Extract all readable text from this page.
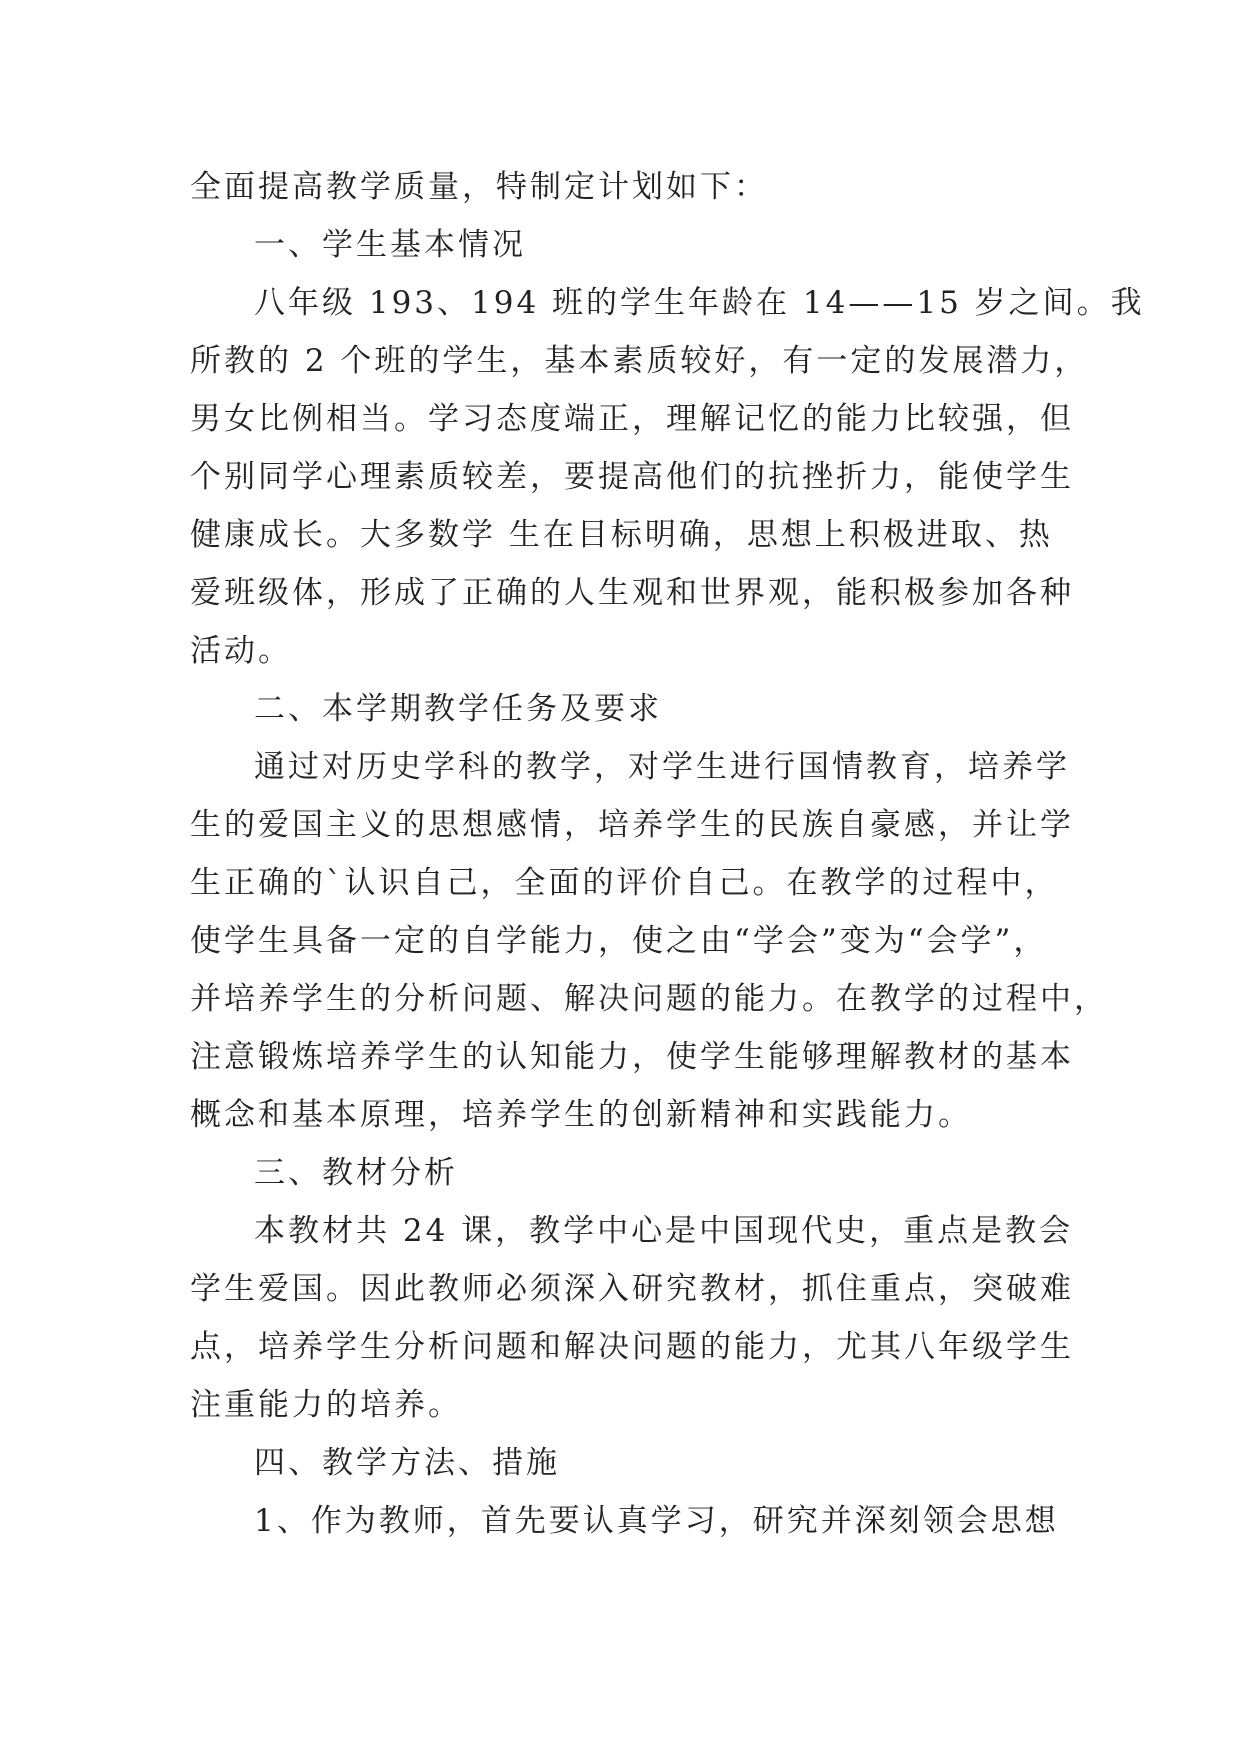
全面提高教学质量，特制定计划如下：
一、学生基本情况
八年级 193、194 班的学生年龄在 14——15 岁之间。我
所教的 2 个班的学生，基本素质较好，有一定的发展潜力，
男女比例相当。学习态度端正，理解记忆的能力比较强，但
个别同学心理素质较差，要提高他们的抗挫折力，能使学生
健康成长。大多数学 生在目标明确，思想上积极进取、热
爱班级体，形成了正确的人生观和世界观，能积极参加各种
活动。
二、本学期教学任务及要求
通过对历史学科的教学，对学生进行国情教育，培养学
生的爱国主义的思想感情，培养学生的民族自豪感，并让学
生正确的`认识自己，全面的评价自己。在教学的过程中，
使学生具备一定的自学能力，使之由“学会”变为“会学”，
并培养学生的分析问题、解决问题的能力。在教学的过程中，
注意锻炼培养学生的认知能力，使学生能够理解教材的基本
概念和基本原理，培养学生的创新精神和实践能力。
三、教材分析
本教材共 24 课，教学中心是中国现代史，重点是教会
学生爱国。因此教师必须深入研究教材，抓住重点，突破难
点，培养学生分析问题和解决问题的能力，尤其八年级学生
注重能力的培养。
四、教学方法、措施
1、作为教师，首先要认真学习，研究并深刻领会思想
